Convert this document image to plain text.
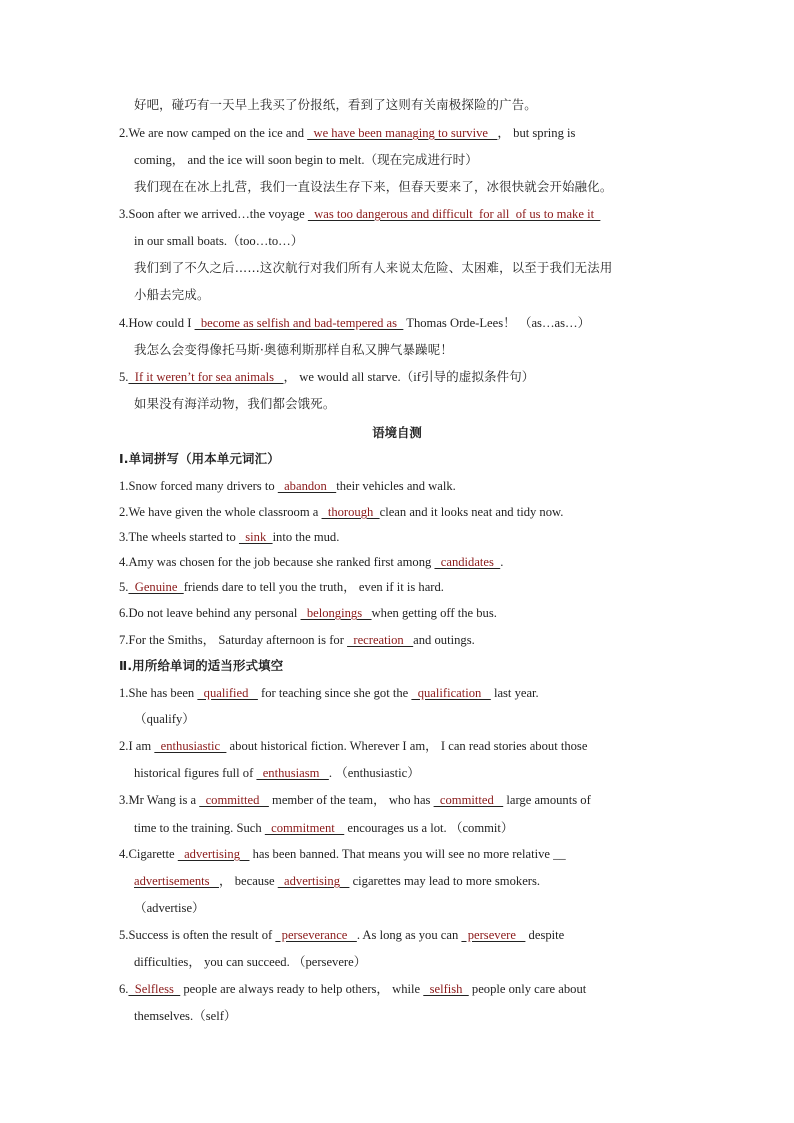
好吧，碰巧有一天早上我买了份报纸，看到了这则有关南极探险的广告。
2.We are now camped on the ice and   we have been managing to survive   ， but spring is
coming， and the ice will soon begin to melt.（现在完成进行时）
我们现在在冰上扎营，我们一直设法生存下来，但春天要来了，冰很快就会开始融化。
3.Soon after we arrived…the voyage   was too dangerous and difficult  for all  of us to make it
in our small boats.（too…to…）
我们到了不久之后……这次航行对我们所有人来说太危险、太困难，以至于我们无法用
小船去完成。
4.How could I   become as selfish and bad-tempered as   Thomas Orde-Lees！ （as…as…）
我怎么会变得像托马斯·奥德利斯那样自私又脾气暴躁呢！
5.  If it weren’t for sea animals   ， we would all starve.（if引导的虚拟条件句）
如果没有海洋动物，我们都会饿死。
语境自测
Ⅰ.单词拼写（用本单元词汇）
1.Snow forced many drivers to   abandon   their vehicles and walk.
2.We have given the whole classroom a   thorough  clean and it looks neat and tidy now.
3.The wheels started to   sink  into the mud.
4.Amy was chosen for the job because she ranked first among   candidates  .
5.  Genuine  friends dare to tell you the truth， even if it is hard.
6.Do not leave behind any personal   belongings   when getting off the bus.
7.For the Smiths， Saturday afternoon is for   recreation   and outings.
Ⅱ.用所给单词的适当形式填空
1.She has been   qualified    for teaching since she got the   qualification    last year.
（qualify）
2.I am   enthusiastic   about historical fiction. Wherever I am， I can read stories about those
historical figures full of   enthusiasm   . （enthusiastic）
3.Mr Wang is a   committed    member of the team， who has   committed    large amounts of
time to the training. Such   commitment    encourages us a lot. （commit）
4.Cigarette   advertising    has been banned. That means you will see no more relative __
advertisements   ， because   advertising    cigarettes may lead to more smokers.
（advertise）
5.Success is often the result of   perseverance   . As long as you can   persevere    despite
difficulties， you can succeed. （persevere）
6.  Selfless   people are always ready to help others， while   selfish   people only care about
themselves.（self）
